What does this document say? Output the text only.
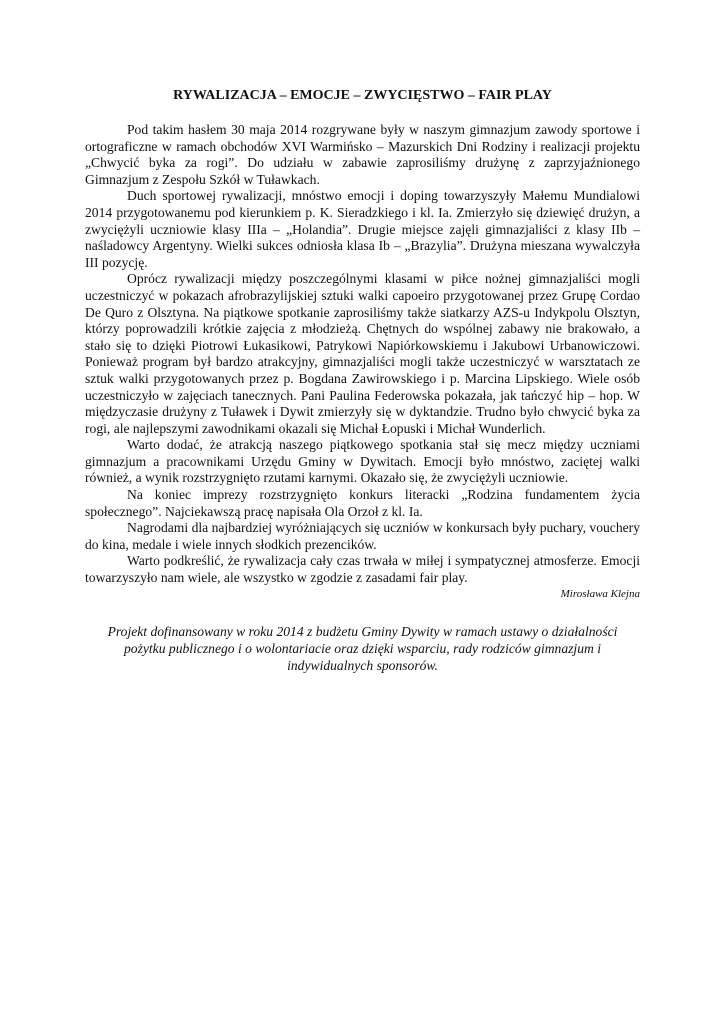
RYWALIZACJA – EMOCJE – ZWYCIĘSTWO – FAIR PLAY

Pod takim hasłem 30 maja 2014 rozgrywane były w naszym gimnazjum zawody sportowe i ortograficzne w ramach obchodów XVI Warmińsko – Mazurskich Dni Rodziny i realizacji projektu „Chwycić byka za rogi”. Do udziału w zabawie zaprosiliśmy drużynę z zaprzyjaźnionego Gimnazjum z Zespołu Szkół w Tuławkach.

Duch sportowej rywalizacji, mnóstwo emocji i doping towarzyszyły Małemu Mundialowi 2014 przygotowanemu pod kierunkiem p. K. Sieradzkiego i kl. Ia. Zmierzyło się dziewięć drużyn, a zwyciężyli uczniowie klasy IIIa – „Holandia”. Drugie miejsce zajęli gimnazjaliści z klasy IIb – naśladowcy Argentyny. Wielki sukces odniosła klasa Ib – „Brazylia”. Drużyna mieszana wywalczyła III pozycję.

Oprócz rywalizacji między poszczególnymi klasami w piłce nożnej gimnazjaliści mogli uczestniczyć w pokazach afrobrazylijskiej sztuki walki capoeiro przygotowanej przez Grupę Cordao De Quro z Olsztyna. Na piątkowe spotkanie zaprosiliśmy także siatkarzy AZS-u Indykpolu Olsztyn, którzy poprowadzili krótkie zajęcia z młodzieżą. Chętnych do wspólnej zabawy nie brakowało, a stało się to dzięki Piotrowi Łukasikowi, Patrykowi Napiórkowskiemu i Jakubowi Urbanowiczowi. Ponieważ program był bardzo atrakcyjny, gimnazjaliści mogli także uczestniczyć w warsztatach ze sztuk walki przygotowanych przez p. Bogdana Zawirowskiego i p. Marcina Lipskiego. Wiele osób uczestniczyło w zajęciach tanecznych. Pani Paulina Federowska pokazała, jak tańczyć hip – hop. W międzyczasie drużyny z Tuławek i Dywit zmierzyły się w dyktandzie. Trudno było chwycić byka za rogi, ale najlepszymi zawodnikami okazali się Michał Łopuski i Michał Wunderlich.

Warto dodać, że atrakcją naszego piątkowego spotkania stał się mecz między uczniami gimnazjum a pracownikami Urzędu Gminy w Dywitach. Emocji było mnóstwo, zaciętej walki również, a wynik rozstrzygnięto rzutami karnymi. Okazało się, że zwyciężyli uczniowie.

Na koniec imprezy rozstrzygnięto konkurs literacki „Rodzina fundamentem życia społecznego”. Najciekawszą pracę napisała Ola Orzoł z kl. Ia.

Nagrodami dla najbardziej wyróżniających się uczniów w konkursach były puchary, vouchery do kina, medale i wiele innych słodkich prezencików.

Warto podkreślić, że rywalizacja cały czas trwała w miłej i sympatycznej atmosferze. Emocji towarzyszyło nam wiele, ale wszystko w zgodzie z zasadami fair play.

Mirosława Klejna

Projekt dofinansowany w roku 2014 z budżetu Gminy Dywity w ramach ustawy o działalności pożytku publicznego i o wolontariacie oraz dzięki wsparciu, rady rodziców gimnazjum i indywidualnych sponsorów.
